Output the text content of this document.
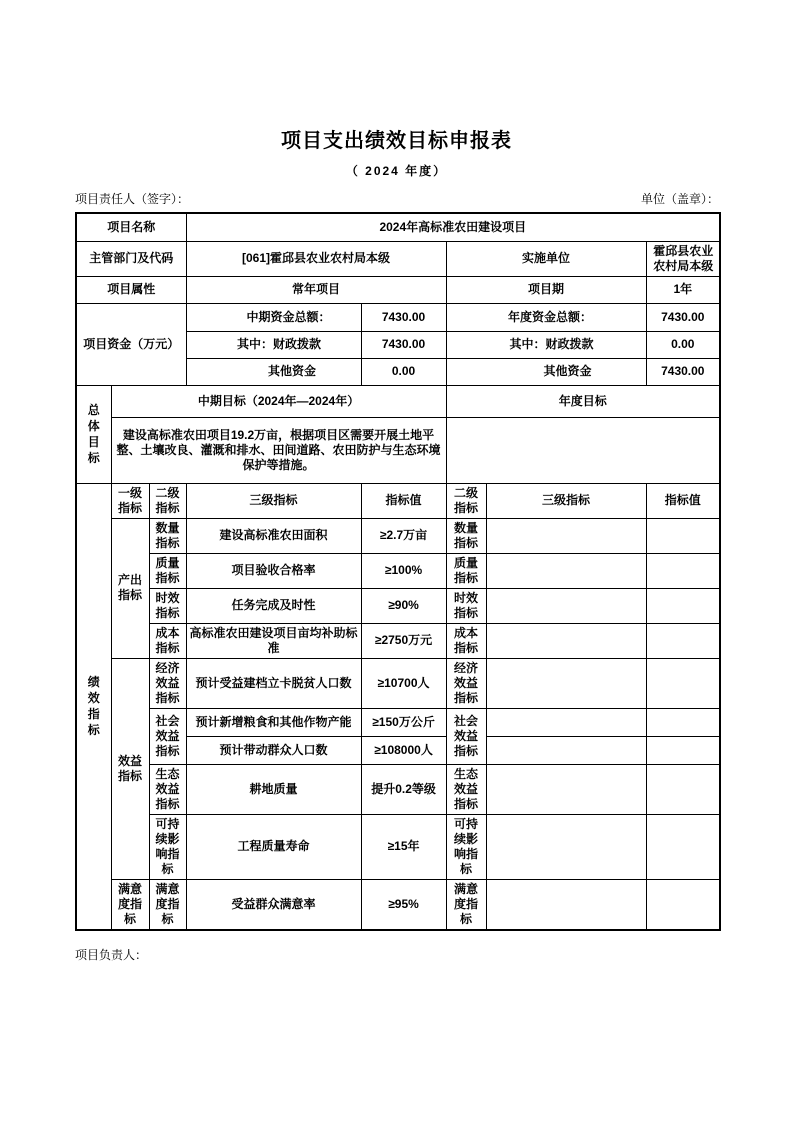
项目支出绩效目标申报表
（ 2024 年度）
项目责任人（签字）：	单位（盖章）：
项目名称			2024年高标准农田建设项目				
主管部门及代码			[061]霍邱县农业农村局本级		实施单位		霍邱县农业农村局本级
项目属性			常年项目		项目期		1年
项目资金（万元）			中期资金总额：	7430.00	年度资金总额：		7430.00
			其中：财政拨款	7430.00	其中：财政拨款		0.00
			其他资金	0.00	其他资金		7430.00

总体目标	中期目标（2024年—2024年）				年度目标		
	建设高标准农田项目19.2万亩，根据项目区需要开展土地平整、土壤改良、灌溉和排水、田间道路、农田防护与生态环境保护等措施。						

绩效指标	一级指标	二级指标	三级指标	指标值	二级指标	三级指标	指标值
	产出指标	数量指标	建设高标准农田面积	≥2.7万亩	数量指标		
		质量指标	项目验收合格率	≥100%	质量指标		
		时效指标	任务完成及时性	≥90%	时效指标		
		成本指标	高标准农田建设项目亩均补助标准	≥2750万元	成本指标		
	效益指标	经济效益指标	预计受益建档立卡脱贫人口数	≥10700人	经济效益指标		
		社会效益指标	预计新增粮食和其他作物产能	≥150万公斤	社会效益指标		
			预计带动群众人口数	≥108000人			
		生态效益指标	耕地质量	提升0.2等级	生态效益指标		
		可持续影响指标	工程质量寿命	≥15年	可持续影响指标		
	满意度指标	满意度指标	受益群众满意率	≥95%	满意度指标		
项目负责人：
